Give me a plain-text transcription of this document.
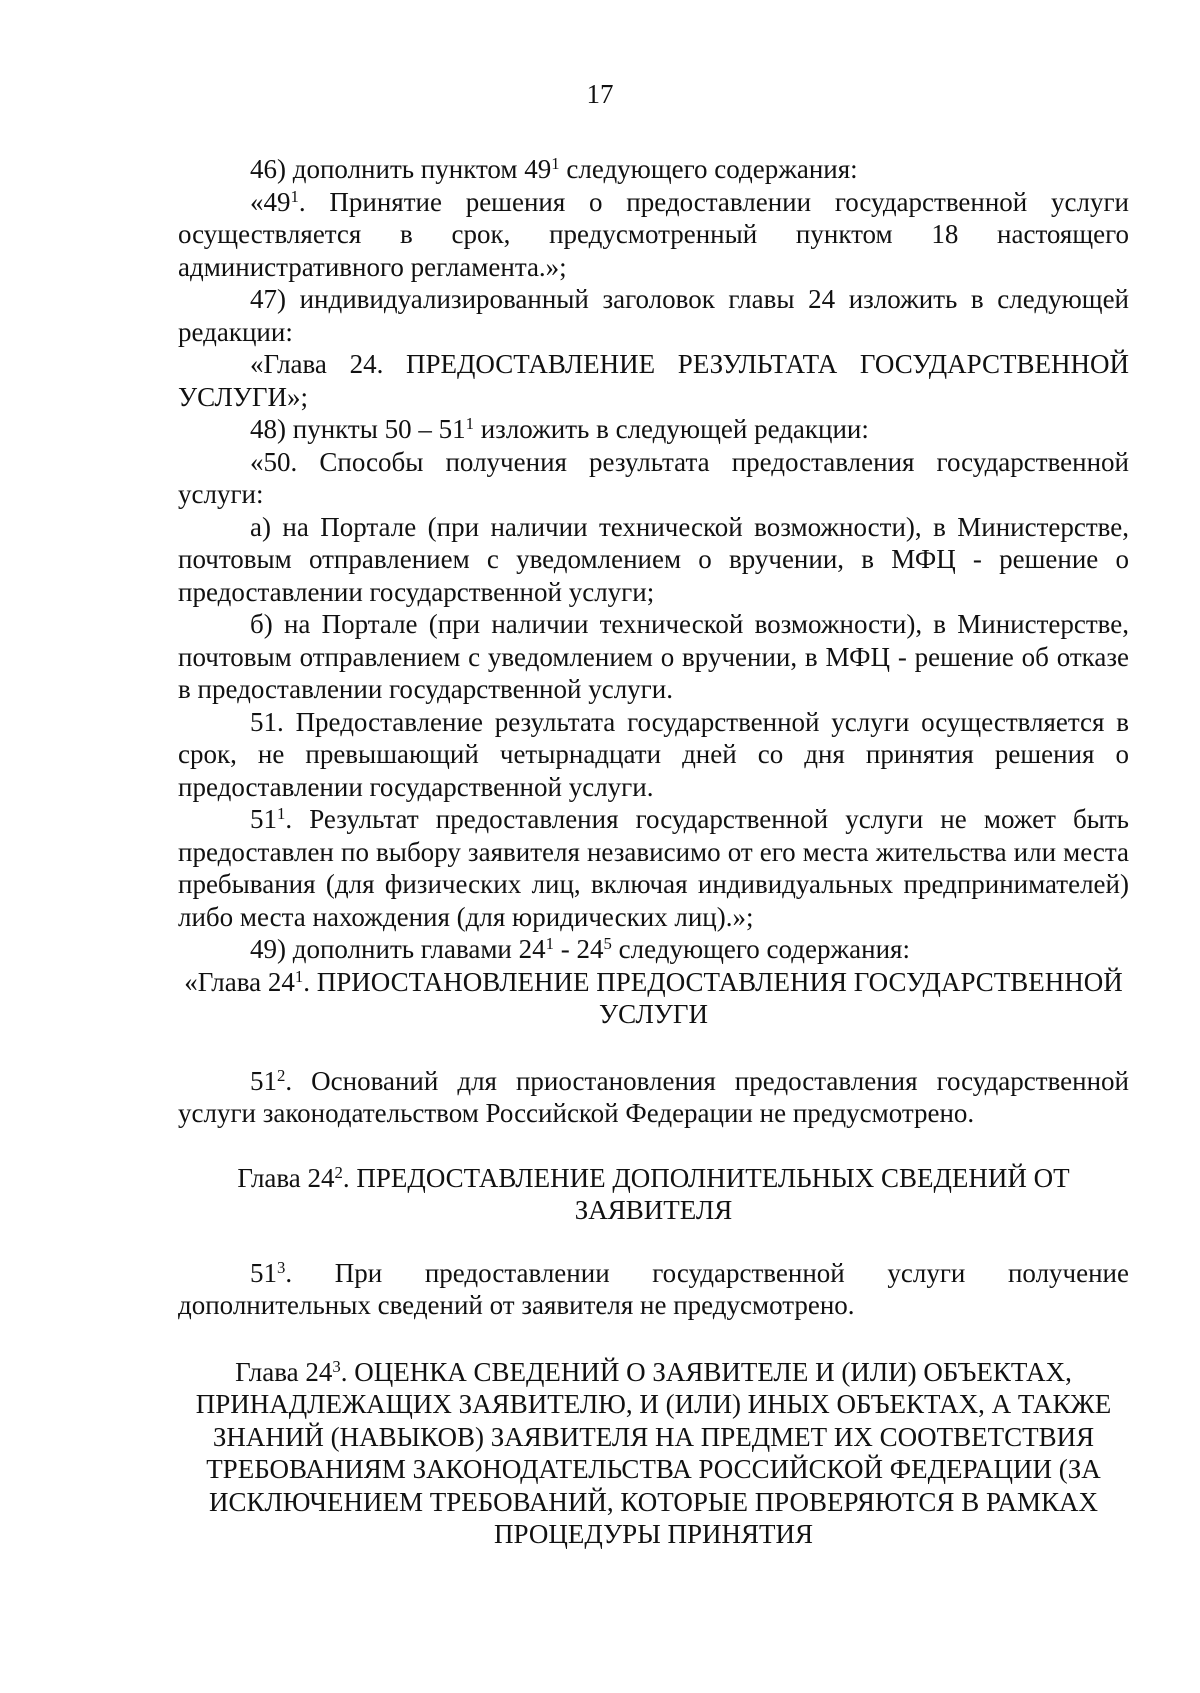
17

46) дополнить пунктом $49^1$ следующего содержания:

«$49^1$. Принятие решения о предоставлении государственной услуги осуществляется в срок, предусмотренный пунктом 18 настоящего административного регламента.»;

47) индивидуализированный заголовок главы 24 изложить в следующей редакции:

«Глава 24. ПРЕДОСТАВЛЕНИЕ РЕЗУЛЬТАТА ГОСУДАРСТВЕННОЙ УСЛУГИ»;

48) пункты $50 - 51^1$ изложить в следующей редакции:

«50. Способы получения результата предоставления государственной услуги:

а) на Портале (при наличии технической возможности), в Министерстве, почтовым отправлением с уведомлением о вручении, в МФЦ - решение о предоставлении государственной услуги;

б) на Портале (при наличии технической возможности), в Министерстве, почтовым отправлением с уведомлением о вручении, в МФЦ - решение об отказе в предоставлении государственной услуги.

51. Предоставление результата государственной услуги осуществляется в срок, не превышающий четырнадцати дней со дня принятия решения о предоставлении государственной услуги.

$51^1$. Результат предоставления государственной услуги не может быть предоставлен по выбору заявителя независимо от его места жительства или места пребывания (для физических лиц, включая индивидуальных предпринимателей) либо места нахождения (для юридических лиц).»;

49) дополнить главами $24^1 - 24^5$ следующего содержания:

«Глава $24^1$. ПРИОСТАНОВЛЕНИЕ ПРЕДОСТАВЛЕНИЯ ГОСУДАРСТВЕННОЙ УСЛУГИ

$51^2$. Оснований для приостановления предоставления государственной услуги законодательством Российской Федерации не предусмотрено.

Глава $24^2$. ПРЕДОСТАВЛЕНИЕ ДОПОЛНИТЕЛЬНЫХ СВЕДЕНИЙ ОТ ЗАЯВИТЕЛЯ

$51^3$. При предоставлении государственной услуги получение дополнительных сведений от заявителя не предусмотрено.

Глава $24^3$. ОЦЕНКА СВЕДЕНИЙ О ЗАЯВИТЕЛЕ И (ИЛИ) ОБЪЕКТАХ, ПРИНАДЛЕЖАЩИХ ЗАЯВИТЕЛЮ, И (ИЛИ) ИНЫХ ОБЪЕКТАХ, А ТАКЖЕ ЗНАНИЙ (НАВЫКОВ) ЗАЯВИТЕЛЯ НА ПРЕДМЕТ ИХ СООТВЕТСТВИЯ ТРЕБОВАНИЯМ ЗАКОНОДАТЕЛЬСТВА РОССИЙСКОЙ ФЕДЕРАЦИИ (ЗА ИСКЛЮЧЕНИЕМ ТРЕБОВАНИЙ, КОТОРЫЕ ПРОВЕРЯЮТСЯ В РАМКАХ ПРОЦЕДУРЫ ПРИНЯТИЯ
